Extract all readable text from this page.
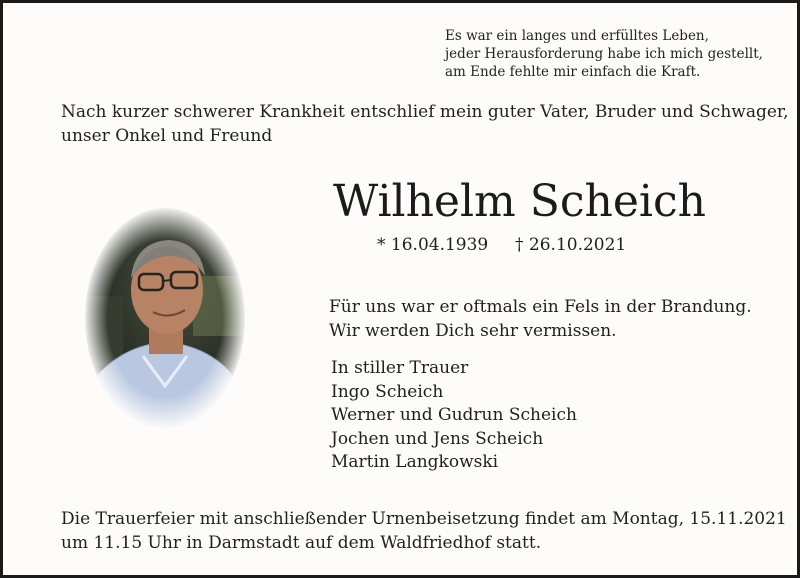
Es war ein langes und erfülltes Leben,
jeder Herausforderung habe ich mich gestellt,
am Ende fehlte mir einfach die Kraft.
Nach kurzer schwerer Krankheit entschlief mein guter Vater, Bruder und Schwager,
unser Onkel und Freund
Wilhelm Scheich
* 16.04.1939 † 26.10.2021
Für uns war er oftmals ein Fels in der Brandung.
Wir werden Dich sehr vermissen.
In stiller Trauer
Ingo Scheich
Werner und Gudrun Scheich
Jochen und Jens Scheich
Martin Langkowski
Die Trauerfeier mit anschließender Urnenbeisetzung findet am Montag, 15.11.2021
um 11.15 Uhr in Darmstadt auf dem Waldfriedhof statt.
